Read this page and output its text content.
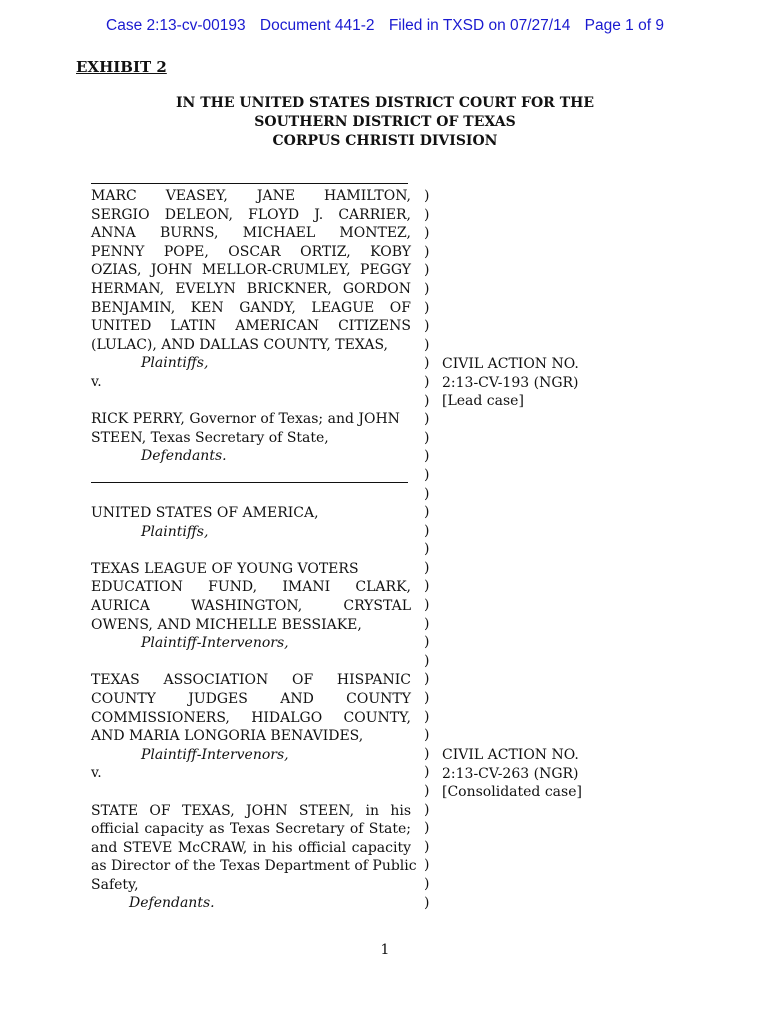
Case 2:13-cv-00193 Document 441-2 Filed in TXSD on 07/27/14 Page 1 of 9
EXHIBIT 2
IN THE UNITED STATES DISTRICT COURT FOR THE
SOUTHERN DISTRICT OF TEXAS
CORPUS CHRISTI DIVISION
MARC VEASEY, JANE HAMILTON,
SERGIO DELEON, FLOYD J. CARRIER,
ANNA BURNS, MICHAEL MONTEZ,
PENNY POPE, OSCAR ORTIZ, KOBY
OZIAS, JOHN MELLOR-CRUMLEY, PEGGY
HERMAN, EVELYN BRICKNER, GORDON
BENJAMIN, KEN GANDY, LEAGUE OF
UNITED LATIN AMERICAN CITIZENS
(LULAC), AND DALLAS COUNTY, TEXAS,
Plaintiffs,
v.
RICK PERRY, Governor of Texas; and JOHN
STEEN, Texas Secretary of State,
Defendants.
UNITED STATES OF AMERICA,
Plaintiffs,
TEXAS LEAGUE OF YOUNG VOTERS
EDUCATION FUND, IMANI CLARK,
AURICA WASHINGTON, CRYSTAL
OWENS, AND MICHELLE BESSIAKE,
Plaintiff-Intervenors,
TEXAS ASSOCIATION OF HISPANIC
COUNTY JUDGES AND COUNTY
COMMISSIONERS, HIDALGO COUNTY,
AND MARIA LONGORIA BENAVIDES,
Plaintiff-Intervenors,
v.
STATE OF TEXAS, JOHN STEEN, in his
official capacity as Texas Secretary of State;
and STEVE McCRAW, in his official capacity
as Director of the Texas Department of Public
Safety,
Defendants.
)
)
)
)
)
)
)
)
)
)
)
)
)
)
)
)
)
)
)
)
)
)
)
)
)
)
)
)
)
)
)
)
)
)
)
)
)
)
)
CIVIL ACTION NO.
2:13-CV-193 (NGR)
[Lead case]
CIVIL ACTION NO.
2:13-CV-263 (NGR)
[Consolidated case]
1
